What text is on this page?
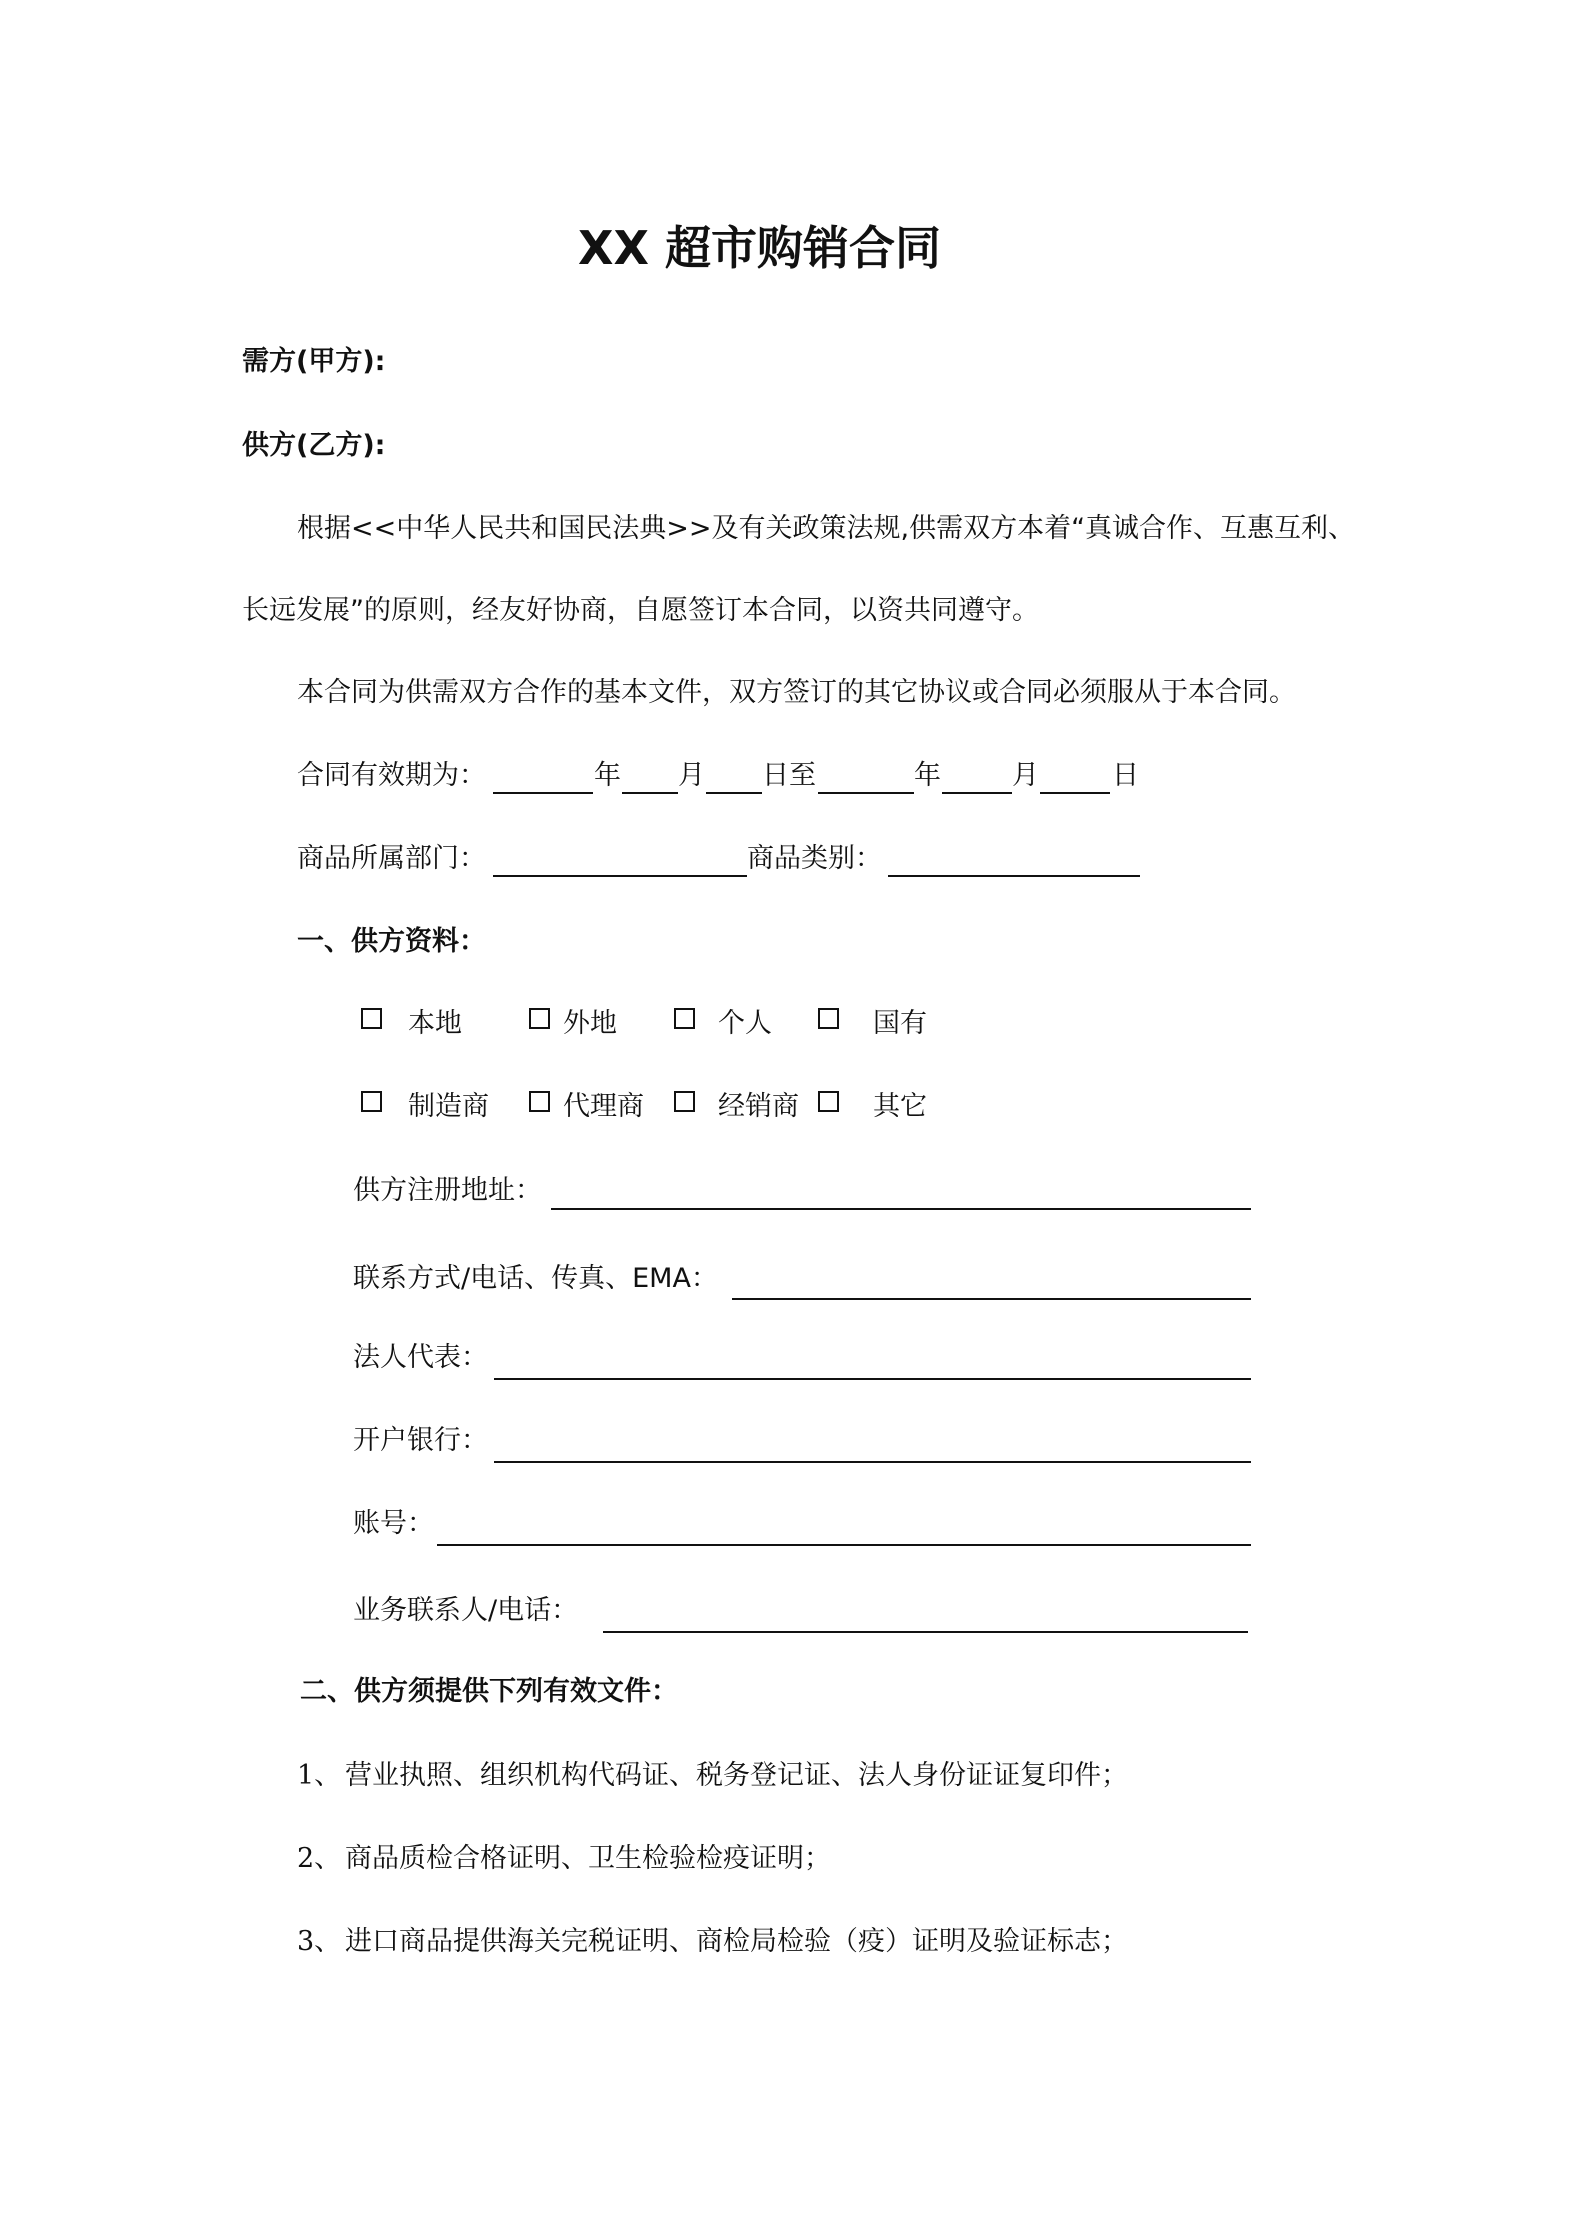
XX 超市购销合同
需方(甲方):
供方(乙方):
根据<<中华人民共和国民法典>>及有关政策法规,供需双方本着“真诚合作、互惠互利、
长远发展”的原则，经友好协商，自愿签订本合同，以资共同遵守。
本合同为供需双方合作的基本文件，双方签订的其它协议或合同必须服从于本合同。
合同有效期为：	年 月 日至	年	月	日
商品所属部门：	商品类别：
一、供方资料：
本地	外地	个人	国有
制造商	代理商	经销商	其它
供方注册地址：
联系方式/电话、传真、EMA：
法人代表：
开户银行：
账号：
业务联系人/电话：
二、供方须提供下列有效文件：
1、 营业执照、组织机构代码证、税务登记证、法人身份证证复印件；
2、 商品质检合格证明、卫生检验检疫证明；
3、 进口商品提供海关完税证明、商检局检验（疫）证明及验证标志；
